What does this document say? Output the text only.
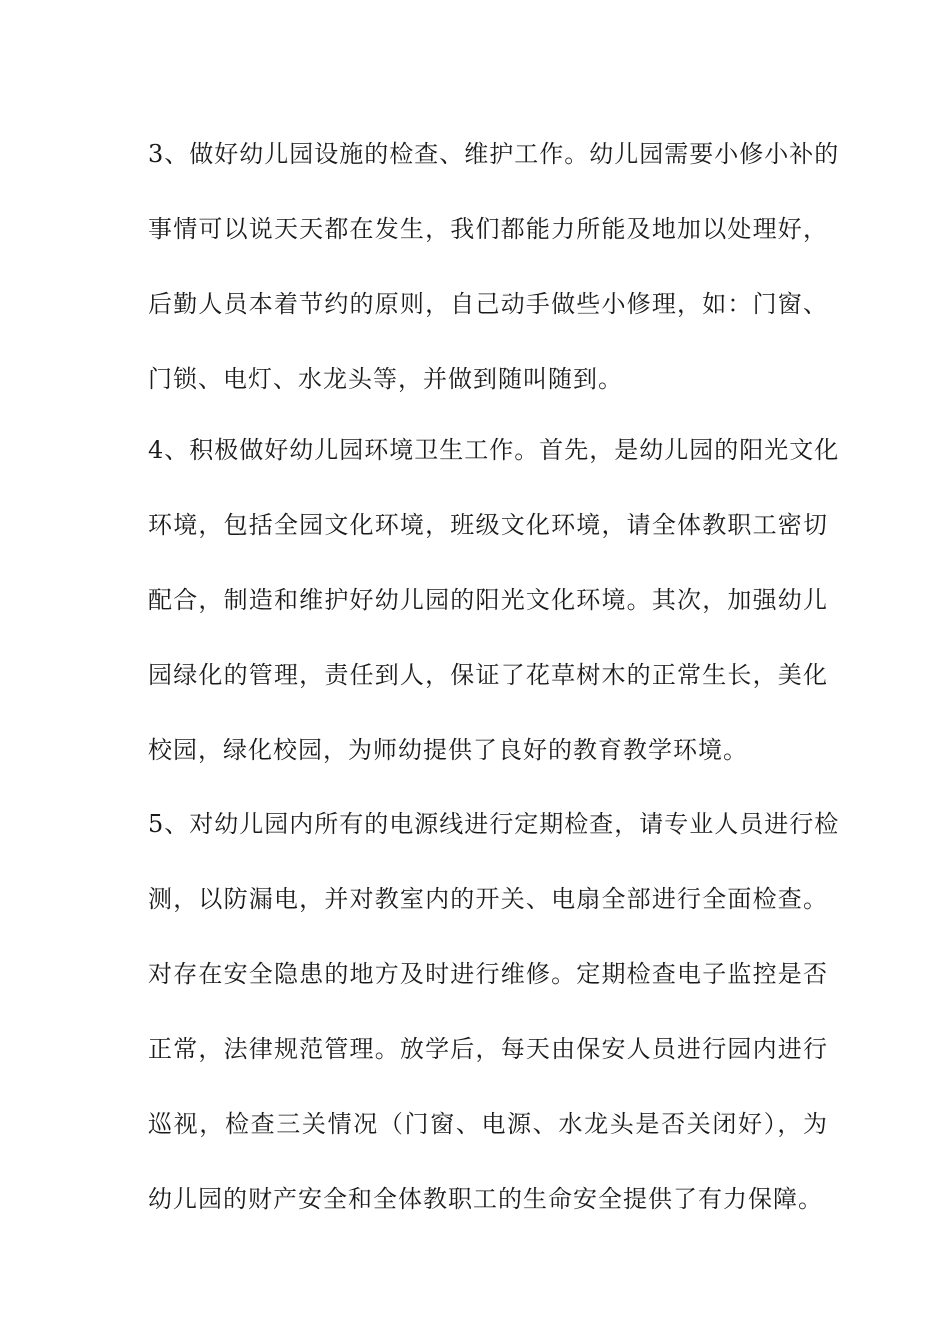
3、做好幼儿园设施的检查、维护工作。幼儿园需要小修小补的
事情可以说天天都在发生，我们都能力所能及地加以处理好，
后勤人员本着节约的原则，自己动手做些小修理，如：门窗、
门锁、电灯、水龙头等，并做到随叫随到。
4、积极做好幼儿园环境卫生工作。首先，是幼儿园的阳光文化
环境，包括全园文化环境，班级文化环境，请全体教职工密切
配合，制造和维护好幼儿园的阳光文化环境。其次，加强幼儿
园绿化的管理，责任到人，保证了花草树木的正常生长，美化
校园，绿化校园，为师幼提供了良好的教育教学环境。
5、对幼儿园内所有的电源线进行定期检查，请专业人员进行检
测，以防漏电，并对教室内的开关、电扇全部进行全面检查。
对存在安全隐患的地方及时进行维修。定期检查电子监控是否
正常，法律规范管理。放学后，每天由保安人员进行园内进行
巡视，检查三关情况（门窗、电源、水龙头是否关闭好），为
幼儿园的财产安全和全体教职工的生命安全提供了有力保障。
